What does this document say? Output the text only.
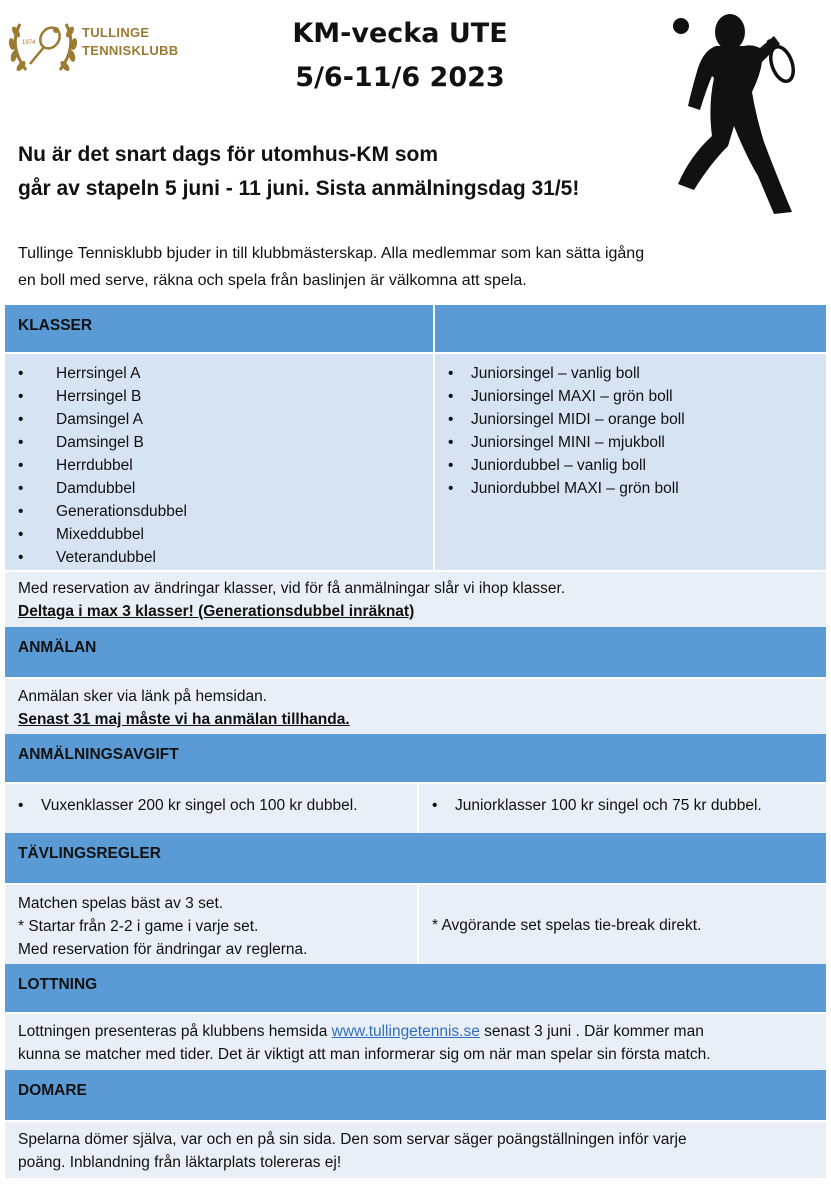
1974
TULLINGE
TENNISKLUBB
KM-vecka UTE
5/6-11/6 2023
Nu är det snart dags för utomhus-KM som
går av stapeln 5 juni - 11 juni. Sista anmälningsdag 31/5!
Tullinge Tennisklubb bjuder in till klubbmästerskap. Alla medlemmar som kan sätta igång
en boll med serve, räkna och spela från baslinjen är välkomna att spela.
KLASSER
• Herrsingel A
• Herrsingel B
• Damsingel A
• Damsingel B
• Herrdubbel
• Damdubbel
• Generationsdubbel
• Mixeddubbel
• Veterandubbel
• Juniorsingel – vanlig boll
• Juniorsingel MAXI – grön boll
• Juniorsingel MIDI – orange boll
• Juniorsingel MINI – mjukboll
• Juniordubbel – vanlig boll
• Juniordubbel MAXI – grön boll
Med reservation av ändringar klasser, vid för få anmälningar slår vi ihop klasser.
Deltaga i max 3 klasser! (Generationsdubbel inräknat)
ANMÄLAN
Anmälan sker via länk på hemsidan.
Senast 31 maj måste vi ha anmälan tillhanda.
ANMÄLNINGSAVGIFT
• Vuxenklasser 200 kr singel och 100 kr dubbel.
•	Juniorklasser 100 kr singel och 75 kr dubbel.
TÄVLINGSREGLER
Matchen spelas bäst av 3 set.
* Startar från 2-2 i game i varje set.
Med reservation för ändringar av reglerna.
* Avgörande set spelas tie-break direkt.
LOTTNING
Lottningen presenteras på klubbens hemsida www.tullingetennis.se senast 3 juni . Där kommer man
kunna se matcher med tider. Det är viktigt att man informerar sig om när man spelar sin första match.
DOMARE
Spelarna dömer själva, var och en på sin sida. Den som servar säger poängställningen inför varje
poäng. Inblandning från läktarplats tolereras ej!
